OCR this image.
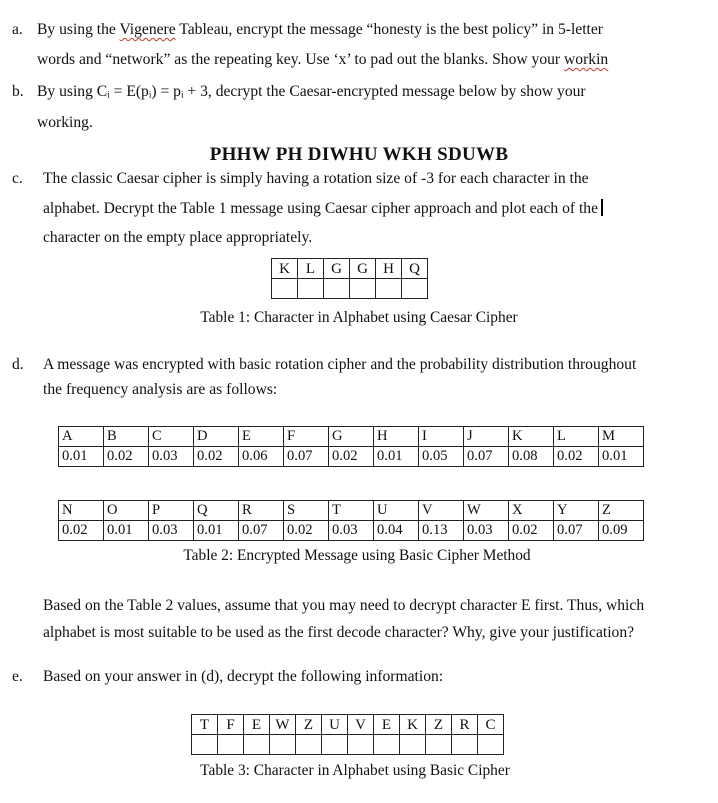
a. By using the Vigenere Tableau, encrypt the message “honesty is the best policy” in 5-letter
words and “network” as the repeating key. Use ‘x’ to pad out the blanks. Show your workin
b. By using Cᵢ = E(pᵢ) = pᵢ + 3, decrypt the Caesar-encrypted message below by show your
working.
PHHW PH DIWHU WKH SDUWB
c. The classic Caesar cipher is simply having a rotation size of -3 for each character in the
alphabet. Decrypt the Table 1 message using Caesar cipher approach and plot each of the
character on the empty place appropriately.
K	L	G	G	H	Q

Table 1: Character in Alphabet using Caesar Cipher
d. A message was encrypted with basic rotation cipher and the probability distribution throughout
the frequency analysis are as follows:
A	B	C	D	E	F	G	H	I	J	K	L	M
0.01	0.02	0.03	0.02	0.06	0.07	0.02	0.01	0.05	0.07	0.08	0.02	0.01
N	O	P	Q	R	S	T	U	V	W	X	Y	Z
0.02	0.01	0.03	0.01	0.07	0.02	0.03	0.04	0.13	0.03	0.02	0.07	0.09
Table 2: Encrypted Message using Basic Cipher Method
Based on the Table 2 values, assume that you may need to decrypt character E first. Thus, which
alphabet is most suitable to be used as the first decode character? Why, give your justification?
e. Based on your answer in (d), decrypt the following information:
T	F	E	W	Z	U	V	E	K	Z	R	C

Table 3: Character in Alphabet using Basic Cipher
